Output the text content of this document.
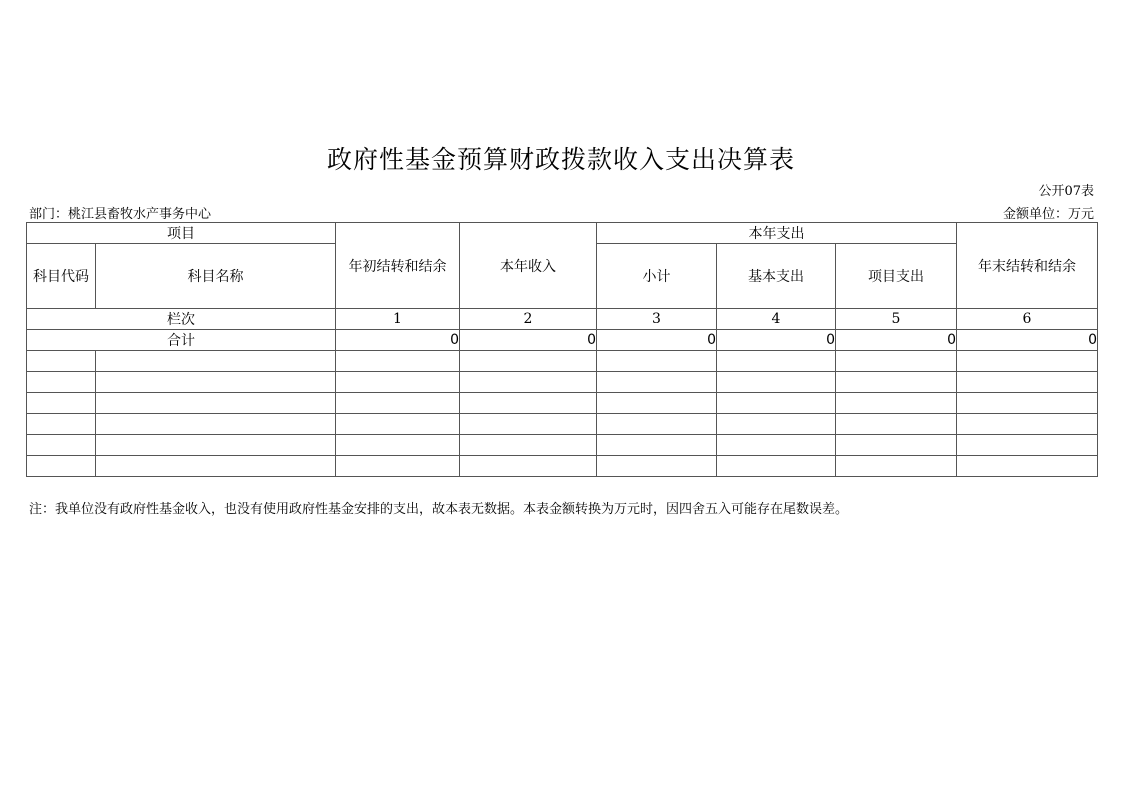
政府性基金预算财政拨款收入支出决算表
公开07表
部门：桃江县畜牧水产事务中心	金额单位：万元
项目		年初结转和结余	本年收入	本年支出			年末结转和结余
科目代码	科目名称			小计	基本支出	项目支出	
栏次		1	2	3	4	5	6
合计		0	0	0	0	0	0

注：我单位没有政府性基金收入，也没有使用政府性基金安排的支出，故本表无数据。本表金额转换为万元时，因四舍五入可能存在尾数误差。
